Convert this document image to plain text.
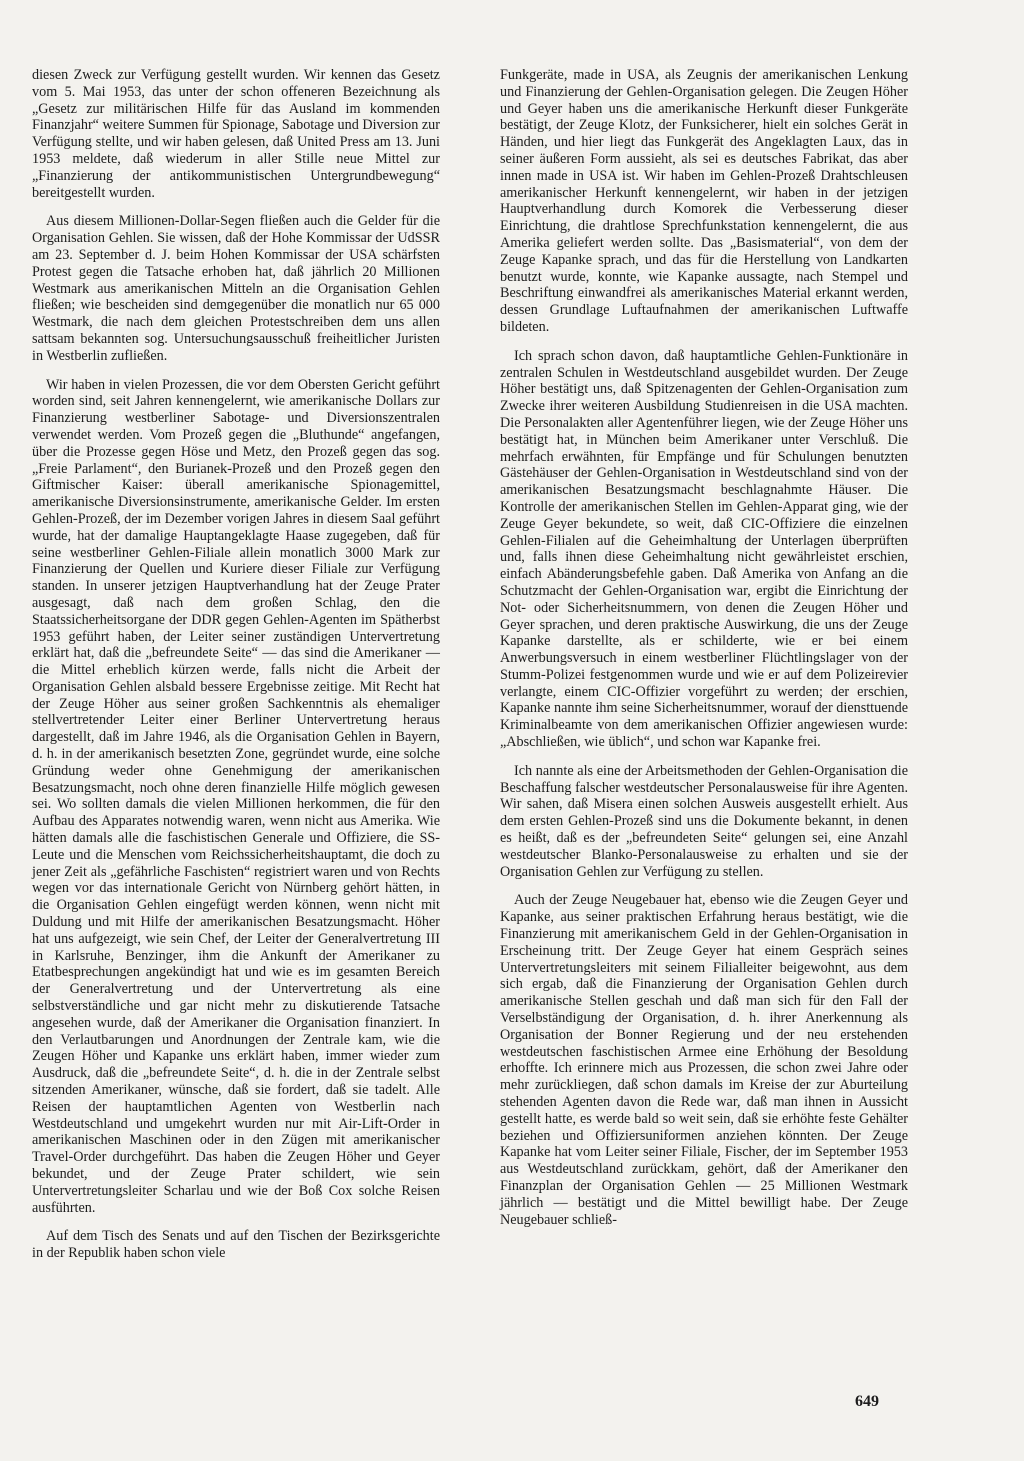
diesen Zweck zur Verfügung gestellt wurden. Wir kennen das Gesetz vom 5. Mai 1953, das unter der schon offeneren Bezeichnung als „Gesetz zur militärischen Hilfe für das Ausland im kommenden Finanzjahr“ weitere Summen für Spionage, Sabotage und Diversion zur Verfügung stellte, und wir haben gelesen, daß United Press am 13. Juni 1953 meldete, daß wiederum in aller Stille neue Mittel zur „Finanzierung der antikommunistischen Untergrundbewegung“ bereitgestellt wurden.

Aus diesem Millionen-Dollar-Segen fließen auch die Gelder für die Organisation Gehlen. Sie wissen, daß der Hohe Kommissar der UdSSR am 23. September d. J. beim Hohen Kommissar der USA schärfsten Protest gegen die Tatsache erhoben hat, daß jährlich 20 Millionen Westmark aus amerikanischen Mitteln an die Organisation Gehlen fließen; wie bescheiden sind demgegenüber die monatlich nur 65 000 Westmark, die nach dem gleichen Protestschreiben dem uns allen sattsam bekannten sog. Untersuchungsausschuß freiheitlicher Juristen in Westberlin zufließen.

Wir haben in vielen Prozessen, die vor dem Obersten Gericht geführt worden sind, seit Jahren kennengelernt, wie amerikanische Dollars zur Finanzierung westberliner Sabotage- und Diversionszentralen verwendet werden. Vom Prozeß gegen die „Bluthunde“ angefangen, über die Prozesse gegen Höse und Metz, den Prozeß gegen das sog. „Freie Parlament“, den Burianek-Prozeß und den Prozeß gegen den Giftmischer Kaiser: überall amerikanische Spionagemittel, amerikanische Diversionsinstrumente, amerikanische Gelder. Im ersten Gehlen-Prozeß, der im Dezember vorigen Jahres in diesem Saal geführt wurde, hat der damalige Hauptangeklagte Haase zugegeben, daß für seine westberliner Gehlen-Filiale allein monatlich 3000 Mark zur Finanzierung der Quellen und Kuriere dieser Filiale zur Verfügung standen. In unserer jetzigen Hauptverhandlung hat der Zeuge Prater ausgesagt, daß nach dem großen Schlag, den die Staatssicherheitsorgane der DDR gegen Gehlen-Agenten im Spätherbst 1953 geführt haben, der Leiter seiner zuständigen Untervertretung erklärt hat, daß die „befreundete Seite“ — das sind die Amerikaner — die Mittel erheblich kürzen werde, falls nicht die Arbeit der Organisation Gehlen alsbald bessere Ergebnisse zeitige. Mit Recht hat der Zeuge Höher aus seiner großen Sachkenntnis als ehemaliger stellvertretender Leiter einer Berliner Untervertretung heraus dargestellt, daß im Jahre 1946, als die Organisation Gehlen in Bayern, d. h. in der amerikanisch besetzten Zone, gegründet wurde, eine solche Gründung weder ohne Genehmigung der amerikanischen Besatzungsmacht, noch ohne deren finanzielle Hilfe möglich gewesen sei. Wo sollten damals die vielen Millionen herkommen, die für den Aufbau des Apparates notwendig waren, wenn nicht aus Amerika. Wie hätten damals alle die faschistischen Generale und Offiziere, die SS-Leute und die Menschen vom Reichssicherheitshauptamt, die doch zu jener Zeit als „gefährliche Faschisten“ registriert waren und von Rechts wegen vor das internationale Gericht von Nürnberg gehört hätten, in die Organisation Gehlen eingefügt werden können, wenn nicht mit Duldung und mit Hilfe der amerikanischen Besatzungsmacht. Höher hat uns aufgezeigt, wie sein Chef, der Leiter der Generalvertretung III in Karlsruhe, Benzinger, ihm die Ankunft der Amerikaner zu Etatbesprechungen angekündigt hat und wie es im gesamten Bereich der Generalvertretung und der Untervertretung als eine selbstverständliche und gar nicht mehr zu diskutierende Tatsache angesehen wurde, daß der Amerikaner die Organisation finanziert. In den Verlautbarungen und Anordnungen der Zentrale kam, wie die Zeugen Höher und Kapanke uns erklärt haben, immer wieder zum Ausdruck, daß die „befreundete Seite“, d. h. die in der Zentrale selbst sitzenden Amerikaner, wünsche, daß sie fordert, daß sie tadelt. Alle Reisen der hauptamtlichen Agenten von Westberlin nach Westdeutschland und umgekehrt wurden nur mit Air-Lift-Order in amerikanischen Maschinen oder in den Zügen mit amerikanischer Travel-Order durchgeführt. Das haben die Zeugen Höher und Geyer bekundet, und der Zeuge Prater schildert, wie sein Untervertretungsleiter Scharlau und wie der Boß Cox solche Reisen ausführten.

Auf dem Tisch des Senats und auf den Tischen der Bezirksgerichte in der Republik haben schon viele

Funkgeräte, made in USA, als Zeugnis der amerikanischen Lenkung und Finanzierung der Gehlen-Organisation gelegen. Die Zeugen Höher und Geyer haben uns die amerikanische Herkunft dieser Funkgeräte bestätigt, der Zeuge Klotz, der Funksicherer, hielt ein solches Gerät in Händen, und hier liegt das Funkgerät des Angeklagten Laux, das in seiner äußeren Form aussieht, als sei es deutsches Fabrikat, das aber innen made in USA ist. Wir haben im Gehlen-Prozeß Drahtschleusen amerikanischer Herkunft kennengelernt, wir haben in der jetzigen Hauptverhandlung durch Komorek die Verbesserung dieser Einrichtung, die drahtlose Sprechfunkstation kennengelernt, die aus Amerika geliefert werden sollte. Das „Basismaterial“, von dem der Zeuge Kapanke sprach, und das für die Herstellung von Landkarten benutzt wurde, konnte, wie Kapanke aussagte, nach Stempel und Beschriftung einwandfrei als amerikanisches Material erkannt werden, dessen Grundlage Luftaufnahmen der amerikanischen Luftwaffe bildeten.

Ich sprach schon davon, daß hauptamtliche Gehlen-Funktionäre in zentralen Schulen in Westdeutschland ausgebildet wurden. Der Zeuge Höher bestätigt uns, daß Spitzenagenten der Gehlen-Organisation zum Zwecke ihrer weiteren Ausbildung Studienreisen in die USA machten. Die Personalakten aller Agentenführer liegen, wie der Zeuge Höher uns bestätigt hat, in München beim Amerikaner unter Verschluß. Die mehrfach erwähnten, für Empfänge und für Schulungen benutzten Gästehäuser der Gehlen-Organisation in Westdeutschland sind von der amerikanischen Besatzungsmacht beschlagnahmte Häuser. Die Kontrolle der amerikanischen Stellen im Gehlen-Apparat ging, wie der Zeuge Geyer bekundete, so weit, daß CIC-Offiziere die einzelnen Gehlen-Filialen auf die Geheimhaltung der Unterlagen überprüften und, falls ihnen diese Geheimhaltung nicht gewährleistet erschien, einfach Abänderungsbefehle gaben. Daß Amerika von Anfang an die Schutzmacht der Gehlen-Organisation war, ergibt die Einrichtung der Not- oder Sicherheitsnummern, von denen die Zeugen Höher und Geyer sprachen, und deren praktische Auswirkung, die uns der Zeuge Kapanke darstellte, als er schilderte, wie er bei einem Anwerbungsversuch in einem westberliner Flüchtlingslager von der Stumm-Polizei festgenommen wurde und wie er auf dem Polizeirevier verlangte, einem CIC-Offizier vorgeführt zu werden; der erschien, Kapanke nannte ihm seine Sicherheitsnummer, worauf der diensttuende Kriminalbeamte von dem amerikanischen Offizier angewiesen wurde: „Abschließen, wie üblich“, und schon war Kapanke frei.

Ich nannte als eine der Arbeitsmethoden der Gehlen-Organisation die Beschaffung falscher westdeutscher Personalausweise für ihre Agenten. Wir sahen, daß Misera einen solchen Ausweis ausgestellt erhielt. Aus dem ersten Gehlen-Prozeß sind uns die Dokumente bekannt, in denen es heißt, daß es der „befreundeten Seite“ gelungen sei, eine Anzahl westdeutscher Blanko-Personalausweise zu erhalten und sie der Organisation Gehlen zur Verfügung zu stellen.

Auch der Zeuge Neugebauer hat, ebenso wie die Zeugen Geyer und Kapanke, aus seiner praktischen Erfahrung heraus bestätigt, wie die Finanzierung mit amerikanischem Geld in der Gehlen-Organisation in Erscheinung tritt. Der Zeuge Geyer hat einem Gespräch seines Untervertretungsleiters mit seinem Filialleiter beigewohnt, aus dem sich ergab, daß die Finanzierung der Organisation Gehlen durch amerikanische Stellen geschah und daß man sich für den Fall der Verselbständigung der Organisation, d. h. ihrer Anerkennung als Organisation der Bonner Regierung und der neu erstehenden westdeutschen faschistischen Armee eine Erhöhung der Besoldung erhoffte. Ich erinnere mich aus Prozessen, die schon zwei Jahre oder mehr zurückliegen, daß schon damals im Kreise der zur Aburteilung stehenden Agenten davon die Rede war, daß man ihnen in Aussicht gestellt hatte, es werde bald so weit sein, daß sie erhöhte feste Gehälter beziehen und Offiziersuniformen anziehen könnten. Der Zeuge Kapanke hat vom Leiter seiner Filiale, Fischer, der im September 1953 aus Westdeutschland zurückkam, gehört, daß der Amerikaner den Finanzplan der Organisation Gehlen — 25 Millionen Westmark jährlich — bestätigt und die Mittel bewilligt habe. Der Zeuge Neugebauer schließ-

649
